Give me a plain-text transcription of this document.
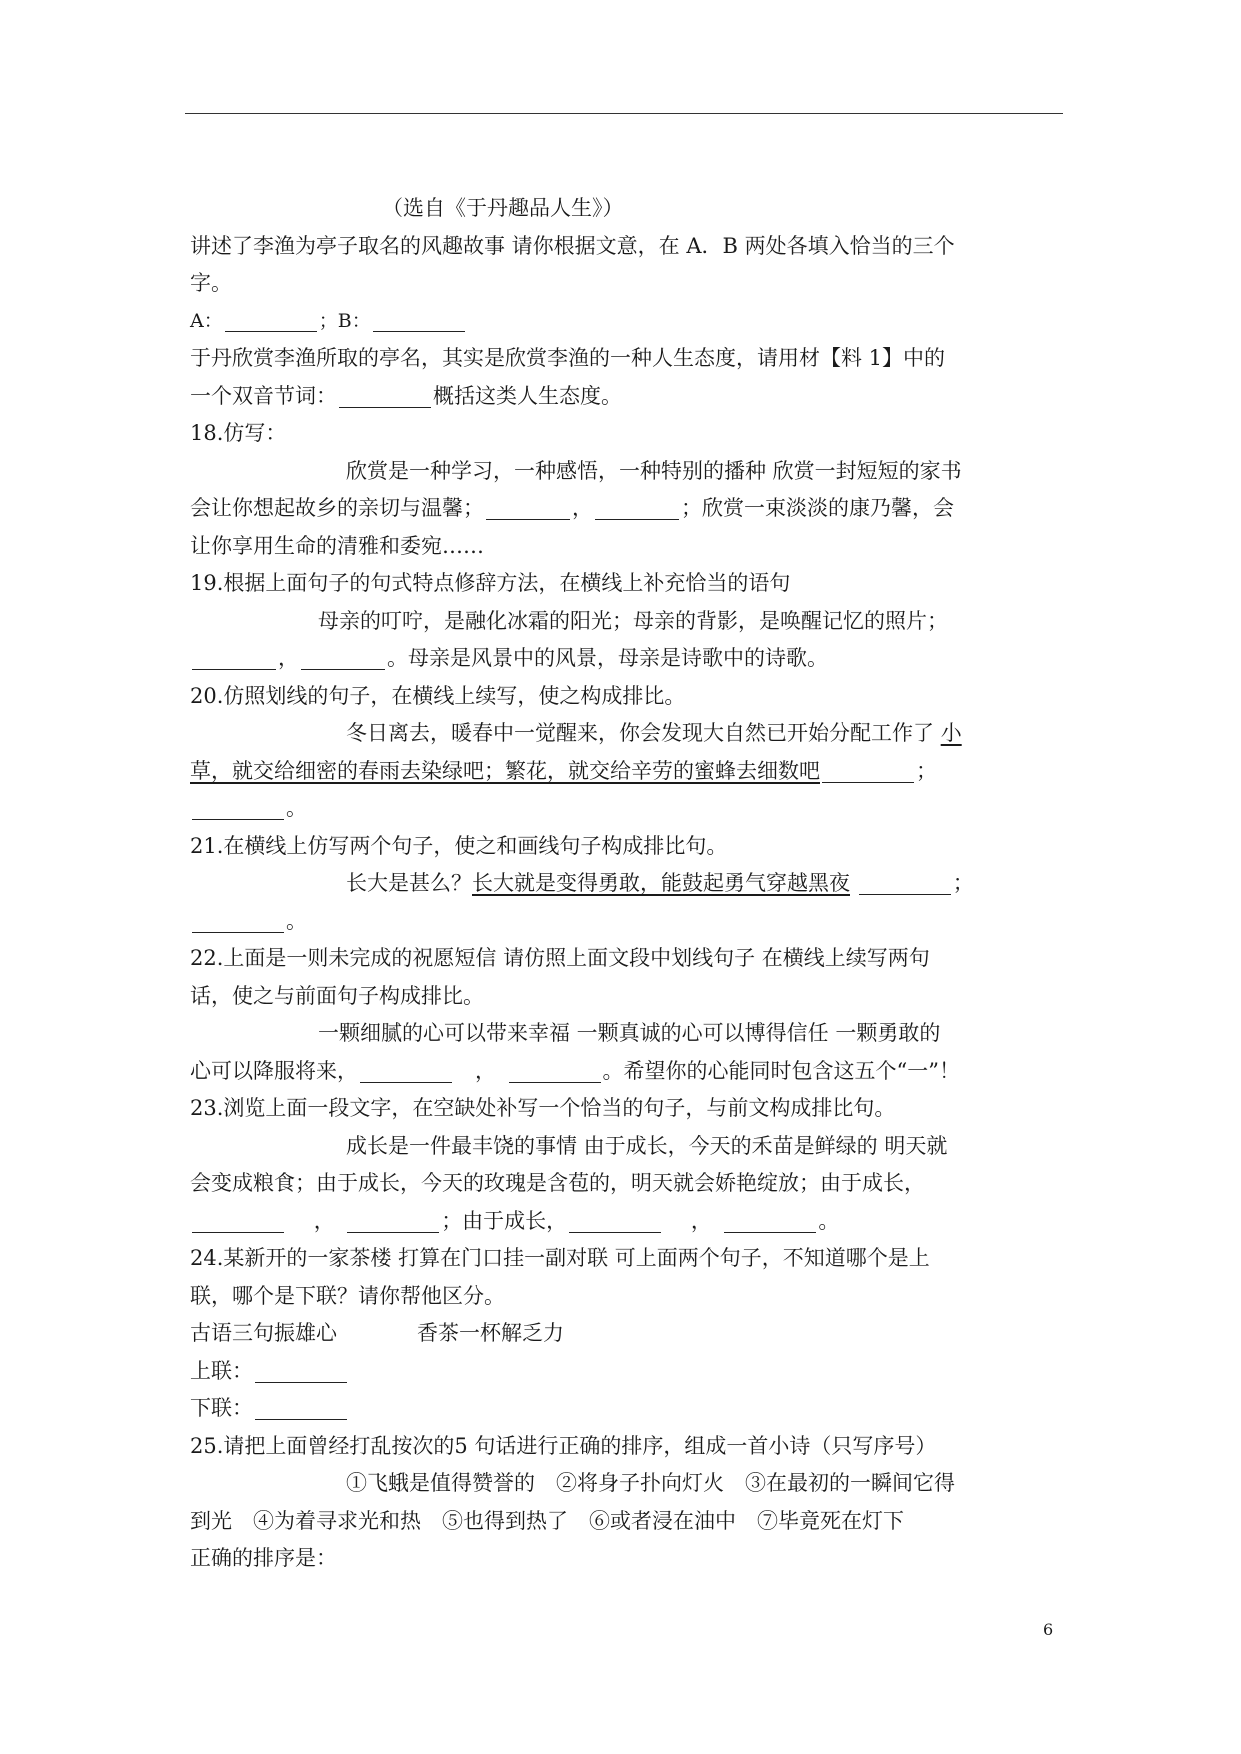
（选自《于丹趣品人生》）
讲述了李渔为亭子取名的风趣故事 请你根据文意，在 A．B 两处各填入恰当的三个
字。
A：	；B：
于丹欣赏李渔所取的亭名，其实是欣赏李渔的一种人生态度，请用材【料 1】中的
一个双音节词：	概括这类人生态度。
18.仿写：
欣赏是一种学习，一种感悟，一种特别的播种 欣赏一封短短的家书
会让你想起故乡的亲切与温馨；	，	；欣赏一束淡淡的康乃馨，会
让你享用生命的清雅和委宛……
19.根据上面句子的句式特点修辞方法，在横线上补充恰当的语句
母亲的叮咛，是融化冰霜的阳光；母亲的背影，是唤醒记忆的照片；
，	。母亲是风景中的风景，母亲是诗歌中的诗歌。
20.仿照划线的句子，在横线上续写，使之构成排比。
冬日离去，暖春中一觉醒来，你会发现大自然已开始分配工作了 小
草，就交给细密的春雨去染绿吧；繁花，就交给辛劳的蜜蜂去细数吧	；
。
21.在横线上仿写两个句子，使之和画线句子构成排比句。
长大是甚么？长大就是变得勇敢，能鼓起勇气穿越黑夜	；
。
22.上面是一则未完成的祝愿短信 请仿照上面文段中划线句子 在横线上续写两句
话，使之与前面句子构成排比。
一颗细腻的心可以带来幸福 一颗真诚的心可以博得信任 一颗勇敢的
心可以降服将来，　	，　	。希望你的心能同时包含这五个“一”！
23.浏览上面一段文字，在空缺处补写一个恰当的句子，与前文构成排比句。
成长是一件最丰饶的事情 由于成长，今天的禾苗是鲜绿的 明天就
会变成粮食；由于成长，今天的玫瑰是含苞的，明天就会娇艳绽放；由于成长，
　 ，　	；由于成长，　	，　	。
24.某新开的一家茶楼 打算在门口挂一副对联 可上面两个句子，不知道哪个是上
联，哪个是下联？请你帮他区分。
古语三句振雄心	香茶一杯解乏力
上联：
下联：
25.请把上面曾经打乱按次的5 句话进行正确的排序，组成一首小诗（只写序号）
①飞蛾是值得赞誉的　②将身子扑向灯火　③在最初的一瞬间它得
到光　④为着寻求光和热　⑤也得到热了　⑥或者浸在油中　⑦毕竟死在灯下
正确的排序是：
6
